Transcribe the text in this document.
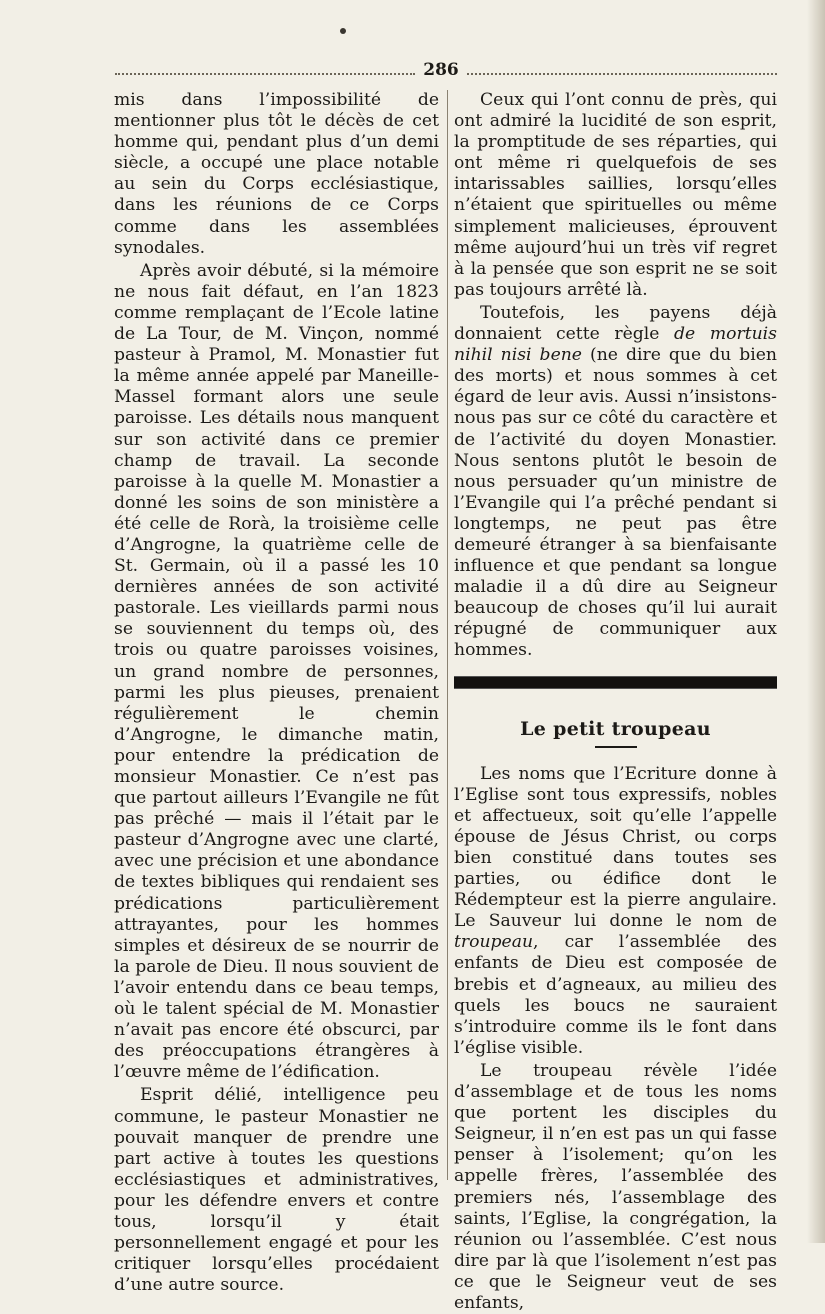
286

mis dans l’impossibilité de mentionner plus tôt le décès de cet homme qui, pendant plus d’un demi siècle, a occupé une place notable au sein du Corps ecclésiastique, dans les réunions de ce Corps comme dans les assemblées synodales.

Après avoir débuté, si la mémoire ne nous fait défaut, en l’an 1823 comme remplaçant de l’Ecole latine de La Tour, de M. Vinçon, nommé pasteur à Pramol, M. Monastier fut la même année appelé par Maneille-Massel formant alors une seule paroisse. Les détails nous manquent sur son activité dans ce premier champ de travail. La seconde paroisse à la quelle M. Monastier a donné les soins de son ministère a été celle de Rorà, la troisième celle d’Angrogne, la quatrième celle de St. Germain, où il a passé les 10 dernières années de son activité pastorale. Les vieillards parmi nous se souviennent du temps où, des trois ou quatre paroisses voisines, un grand nombre de personnes, parmi les plus pieuses, prenaient régulièrement le chemin d’Angrogne, le dimanche matin, pour entendre la prédication de monsieur Monastier. Ce n’est pas que partout ailleurs l’Evangile ne fût pas prêché — mais il l’était par le pasteur d’Angrogne avec une clarté, avec une précision et une abondance de textes bibliques qui rendaient ses prédications particulièrement attrayantes, pour les hommes simples et désireux de se nourrir de la parole de Dieu. Il nous souvient de l’avoir entendu dans ce beau temps, où le talent spécial de M. Monastier n’avait pas encore été obscurci, par des préoccupations étrangères à l’œuvre même de l’édification.

Esprit délié, intelligence peu commune, le pasteur Monastier ne pouvait manquer de prendre une part active à toutes les questions ecclésiastiques et administratives, pour les défendre envers et contre tous, lorsqu’il y était personnellement engagé et pour les critiquer lorsqu’elles procédaient d’une autre source.

Ceux qui l’ont connu de près, qui ont admiré la lucidité de son esprit, la promptitude de ses réparties, qui ont même ri quelquefois de ses intarissables saillies, lorsqu’elles n’étaient que spirituelles ou même simplement malicieuses, éprouvent même aujourd’hui un très vif regret à la pensée que son esprit ne se soit pas toujours arrêté là.

Toutefois, les payens déjà donnaient cette règle de mortuis nihil nisi bene (ne dire que du bien des morts) et nous sommes à cet égard de leur avis. Aussi n’insistons-nous pas sur ce côté du caractère et de l’activité du doyen Monastier. Nous sentons plutôt le besoin de nous persuader qu’un ministre de l’Evangile qui l’a prêché pendant si longtemps, ne peut pas être demeuré étranger à sa bienfaisante influence et que pendant sa longue maladie il a dû dire au Seigneur beaucoup de choses qu’il lui aurait répugné de communiquer aux hommes.

Le petit troupeau

Les noms que l’Ecriture donne à l’Eglise sont tous expressifs, nobles et affectueux, soit qu’elle l’appelle épouse de Jésus Christ, ou corps bien constitué dans toutes ses parties, ou édifice dont le Rédempteur est la pierre angulaire. Le Sauveur lui donne le nom de troupeau, car l’assemblée des enfants de Dieu est composée de brebis et d’agneaux, au milieu des quels les boucs ne sauraient s’introduire comme ils le font dans l’église visible.

Le troupeau révèle l’idée d’assemblage et de tous les noms que portent les disciples du Seigneur, il n’en est pas un qui fasse penser à l’isolement; qu’on les appelle frères, l’assemblée des premiers nés, l’assemblage des saints, l’Eglise, la congrégation, la réunion ou l’assemblée. C’est nous dire par là que l’isolement n’est pas ce que le Seigneur veut de ses enfants,
